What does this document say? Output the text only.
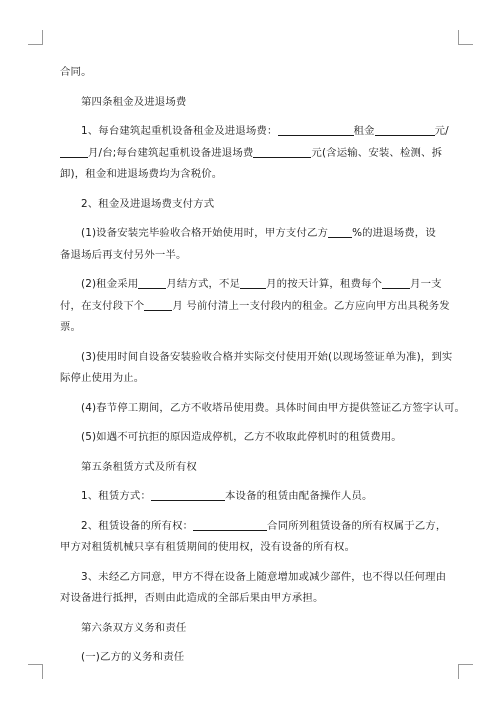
合同。
第四条租金及进退场费
1、每台建筑起重机设备租金及进退场费：	租金	元/
月/台;每台建筑起重机设备进退场费	元(含运输、安装、检测、拆
卸)，租金和进退场费均为含税价。
2、租金及进退场费支付方式
(1)设备安装完毕验收合格开始使用时，甲方支付乙方 %的进退场费，设
备退场后再支付另外一半。
(2)租金采用	月结方式，不足	月的按天计算，租费每个	月一支
付，在支付段下个	月 号前付清上一支付段内的租金。乙方应向甲方出具税务发
票。
(3)使用时间自设备安装验收合格并实际交付使用开始(以现场签证单为准)，到实
际停止使用为止。
(4)春节停工期间，乙方不收塔吊使用费。具体时间由甲方提供签证乙方签字认可。
(5)如遇不可抗拒的原因造成停机，乙方不收取此停机时的租赁费用。
第五条租赁方式及所有权
1、租赁方式：	本设备的租赁由配备操作人员。
2、租赁设备的所有权：	合同所列租赁设备的所有权属于乙方，
甲方对租赁机械只享有租赁期间的使用权，没有设备的所有权。
3、未经乙方同意，甲方不得在设备上随意增加或减少部件，也不得以任何理由
对设备进行抵押，否则由此造成的全部后果由甲方承担。
第六条双方义务和责任
(一)乙方的义务和责任
